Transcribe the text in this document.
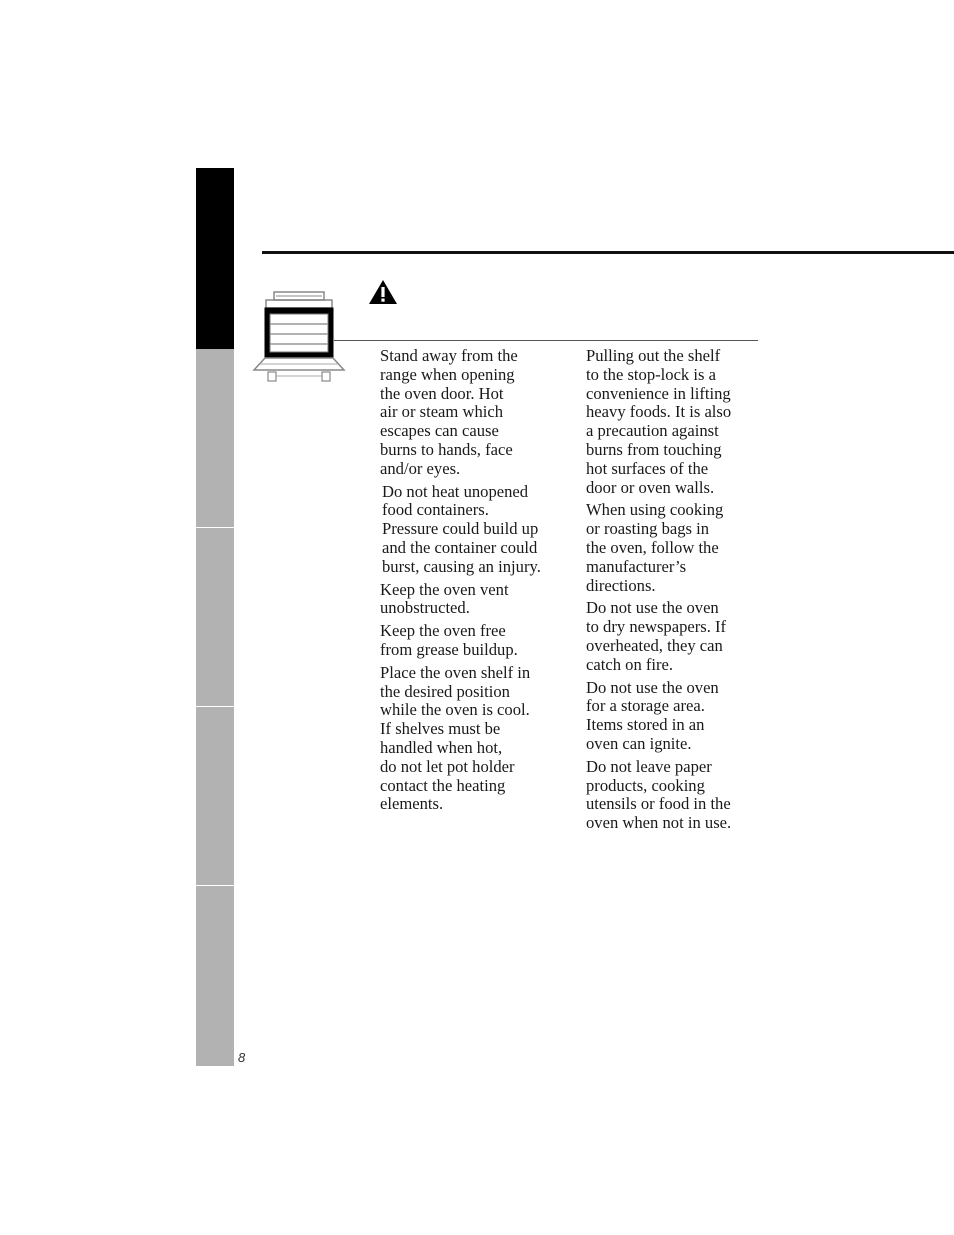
Stand away from the
range when opening
the oven door. Hot
air or steam which
escapes can cause
burns to hands, face
and/or eyes.

Do not heat unopened
food containers.
Pressure could build up
and the container could
burst, causing an injury.

Keep the oven vent
unobstructed.

Keep the oven free
from grease buildup.

Place the oven shelf in
the desired position
while the oven is cool.
If shelves must be
handled when hot,
do not let pot holder
contact the heating
elements.

Pulling out the shelf
to the stop-lock is a
convenience in lifting
heavy foods. It is also
a precaution against
burns from touching
hot surfaces of the
door or oven walls.

When using cooking
or roasting bags in
the oven, follow the
manufacturer’s
directions.

Do not use the oven
to dry newspapers. If
overheated, they can
catch on fire.

Do not use the oven
for a storage area.
Items stored in an
oven can ignite.

Do not leave paper
products, cooking
utensils or food in the
oven when not in use.

8
